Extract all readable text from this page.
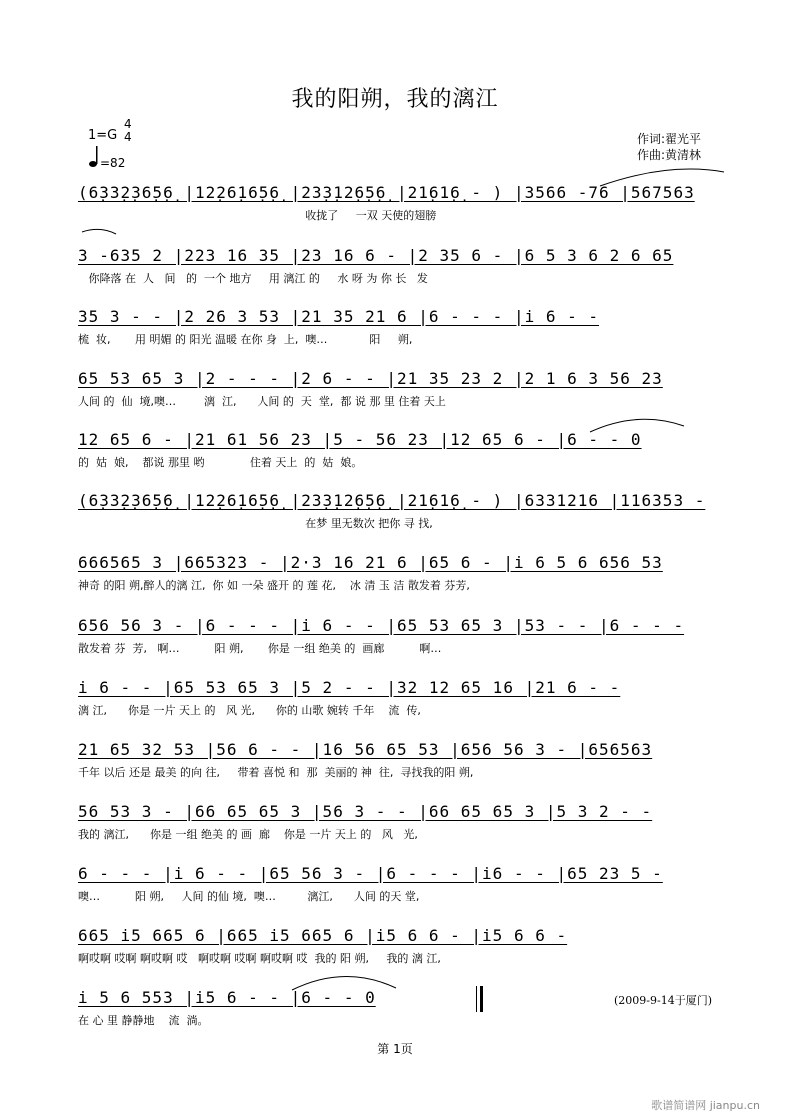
我的阳朔，我的漓江
1=G
4
4
=82
作词:翟光平
作曲:黄清林
(6̣33̣2̣36̣5̣6̣ |12̣26̣16̣5̣6̣ |23̣3̣12̣6̣5̣6̣ |21̣61̣6̣ - ) |3566 -76 |567563
收拢了     一双 天使的翅膀
3 -635 2 |223 16 35 |23 16 6 - |2 35 6 - |6 5 3 6 2 6 65
你降落 在  人   间   的  一个 地方     用 漓江 的     水 呀 为 你 长   发
35 3 - - |2 26 3 53 |21 35 21 6 |6 - - - |i 6 - -
梳  妆,       用 明媚 的 阳光 温暖 在你 身  上,  噢…            阳     朔,
65 53 65 3 |2 - - - |2 6 - - |21 35 23 2 |2 1 6 3 56 23
人间 的  仙  境,噢…        漓  江,      人间 的  天  堂,  都 说 那 里 住着 天上
12 65 6 - |21 61 56 23 |5 - 56 23 |12 65 6 - |6 - - 0
的  姑  娘,    都说 那里 哟             住着 天上  的  姑  娘。
(6̣33̣2̣36̣5̣6̣ |12̣26̣16̣5̣6̣ |23̣3̣12̣6̣5̣6̣ |21̣61̣6̣ - ) |6331216 |116353 -
在梦 里无数次 把你 寻 找,
666565 3 |665323 - |2·3 16 21 6 |65 6 - |i 6 5 6 656 53
神奇 的阳 朔,醉人的漓 江,  你 如 一朵 盛开 的 莲 花,    冰 清 玉 洁 散发着 芬芳,
656 56 3 - |6 - - - |i 6 - - |65 53 65 3 |53 - - |6 - - -
散发着 芬  芳,   啊…          阳 朔,       你是 一组 绝美 的  画廊          啊…
i 6 - - |65 53 65 3 |5 2 - - |32 12 65 16 |21 6 - -
漓 江,      你是 一片 天上 的   风 光,      你的 山歌 婉转 千年    流  传,
21 65 32 53 |56 6 - - |16 56 65 53 |656 56 3 - |656563
千年 以后 还是 最美 的向 往,     带着 喜悦 和  那  美丽的 神  往,  寻找我的阳 朔,
56 53 3 - |66 65 65 3 |56 3 - - |66 65 65 3 |5 3 2 - -
我的 漓江,      你是 一组 绝美 的 画  廊    你是 一片 天上 的   风   光,
6 - - - |i 6 - - |65 56 3 - |6 - - - |i6 - - |65 23 5 -
噢…          阳 朔,     人间 的仙 境,  噢…         漓江,      人间 的天 堂,
665 i5 665 6 |665 i5 665 6 |i5 6 6 - |i5 6 6 -
啊哎啊 哎啊 啊哎啊 哎   啊哎啊 哎啊 啊哎啊 哎  我的 阳 朔,     我的 漓 江,
i 5 6 553 |i5 6 - - |6 - - 0
在 心 里 静静地    流  淌。
(2009-9-14于厦门)
第 1页
歌谱简谱网 jianpu.cn
